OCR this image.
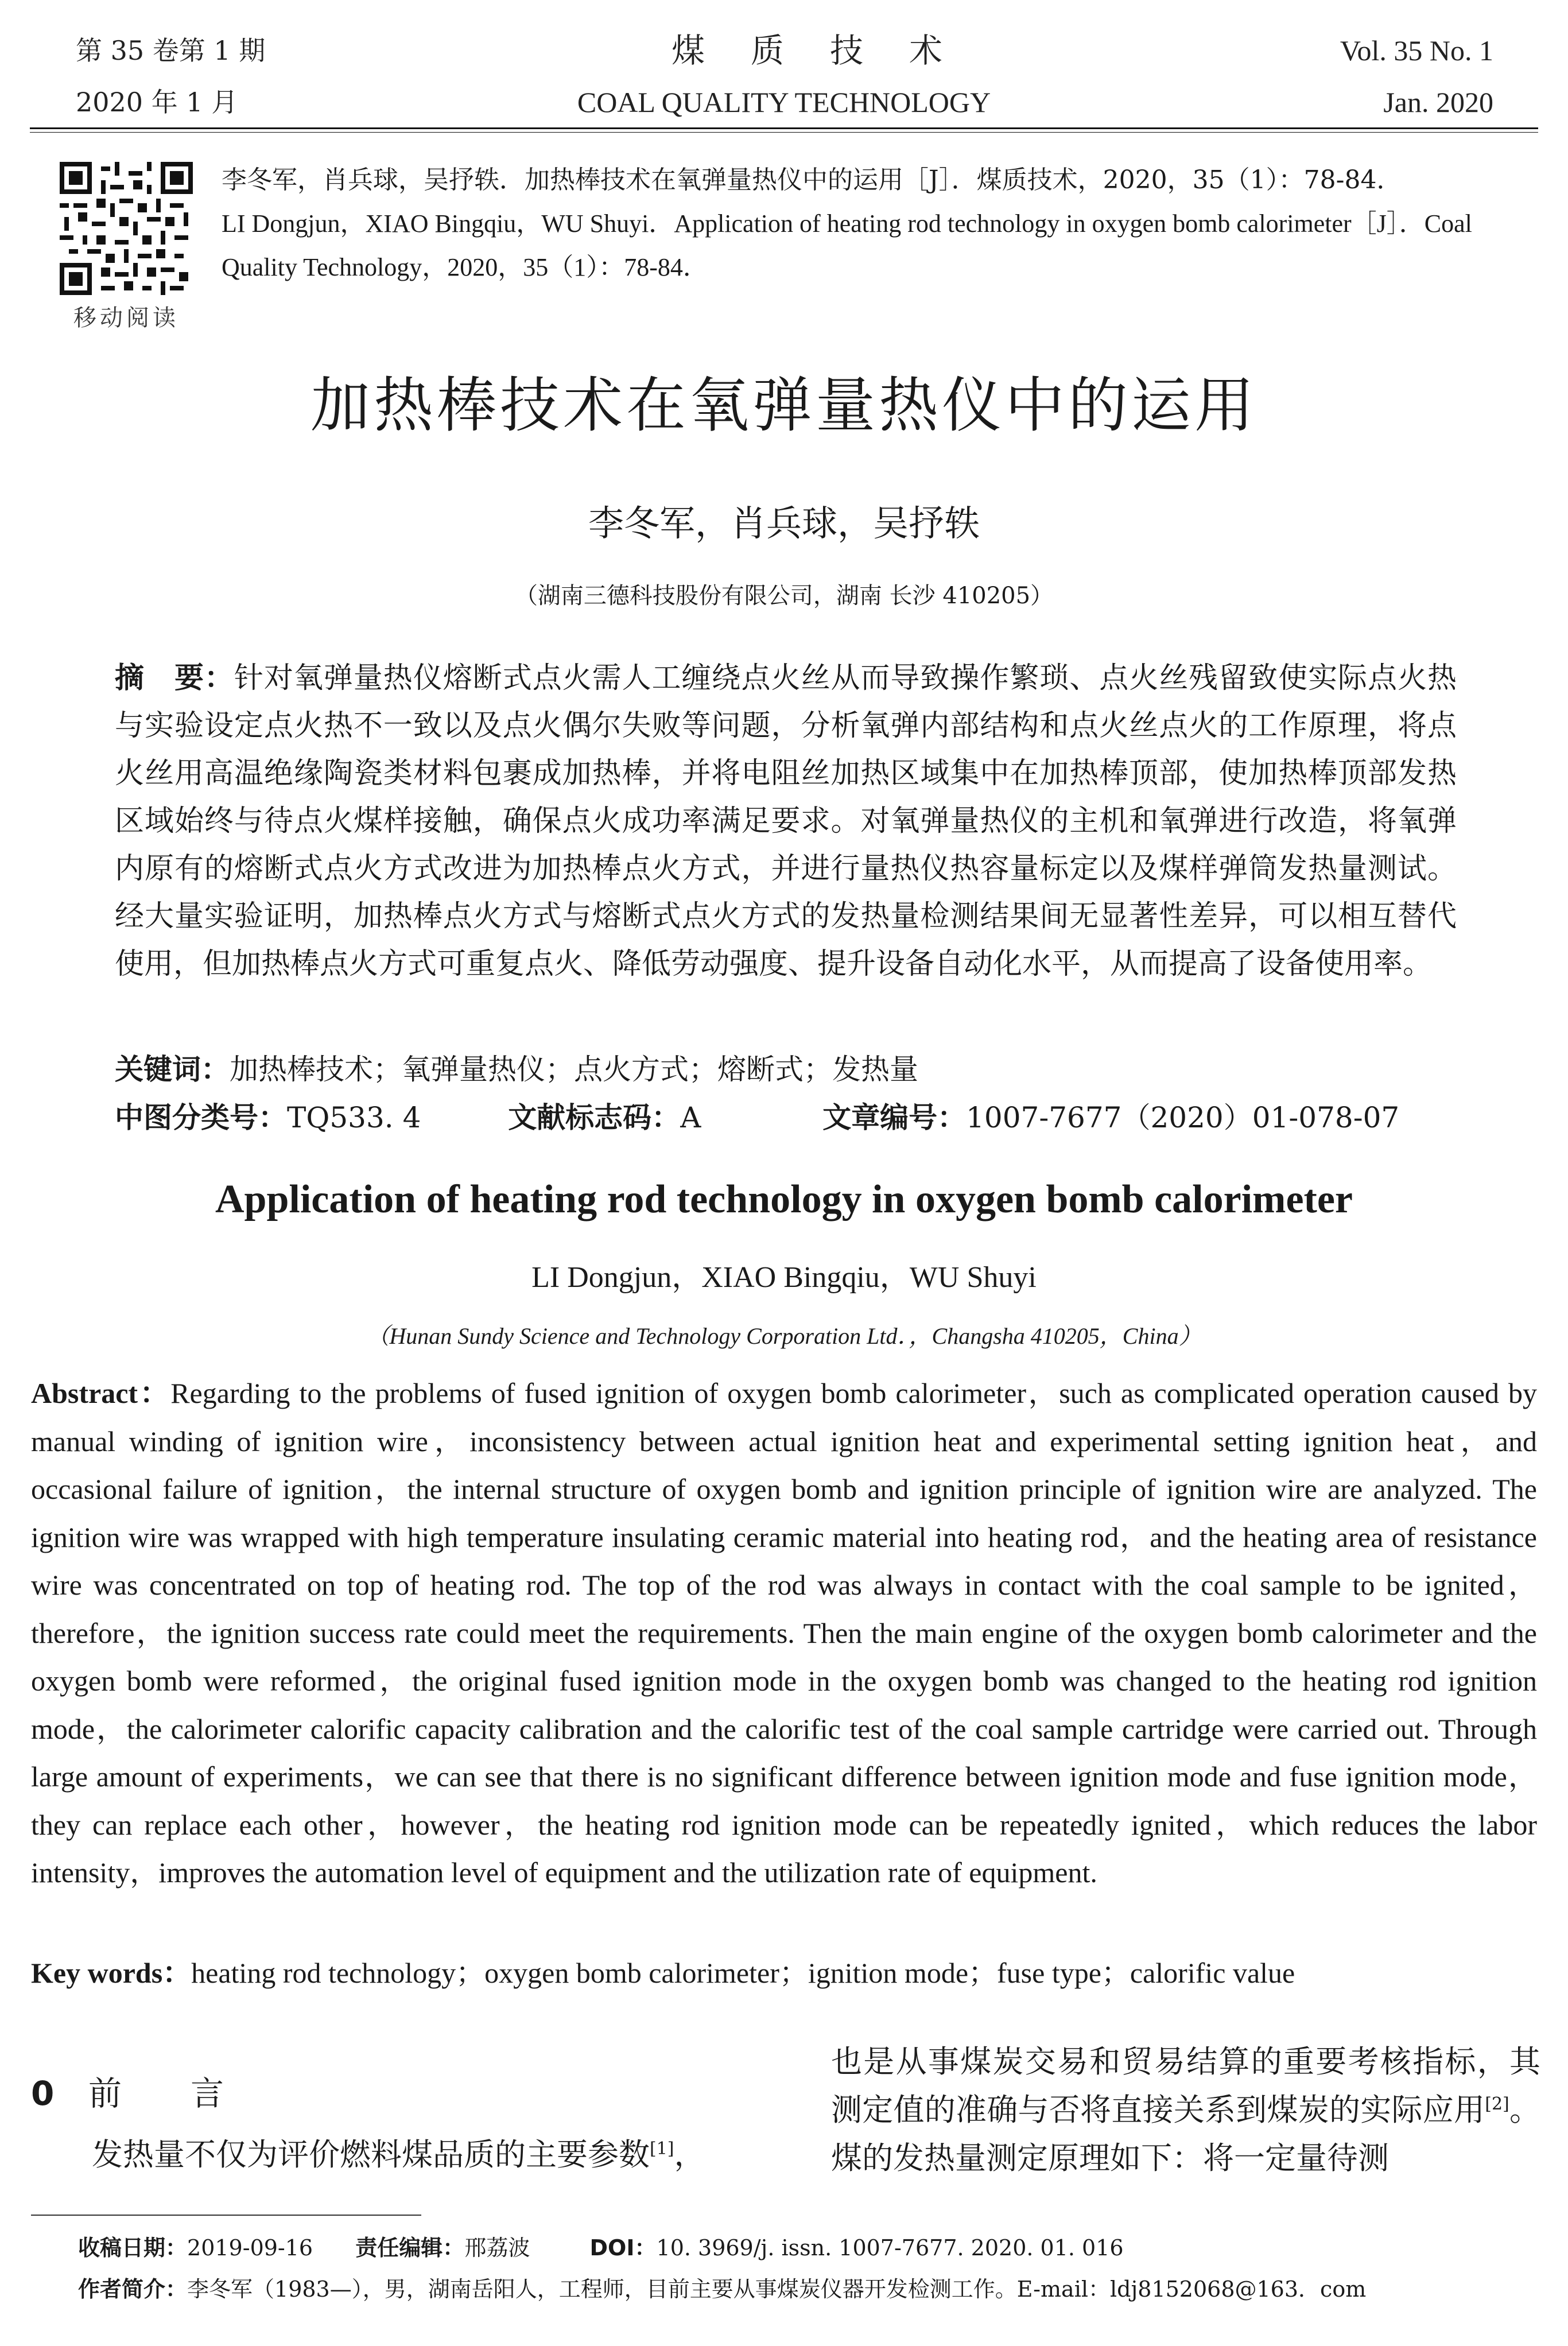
第 35 卷第 1 期
2020 年 1 月
煤质技术
COAL QUALITY TECHNOLOGY
Vol. 35 No. 1
Jan. 2020
移动阅读
李冬军，肖兵球，吴抒轶．加热棒技术在氧弹量热仪中的运用［J］．煤质技术，2020，35（1）：78-84．
LI Dongjun，XIAO Bingqiu，WU Shuyi．Application of heating rod technology in oxygen bomb calorimeter［J］．Coal Quality Technology，2020，35（1）：78-84．
加热棒技术在氧弹量热仪中的运用
李冬军，肖兵球，吴抒轶
（湖南三德科技股份有限公司，湖南 长沙 410205）
摘　要：针对氧弹量热仪熔断式点火需人工缠绕点火丝从而导致操作繁琐、点火丝残留致使实际点火热与实验设定点火热不一致以及点火偶尔失败等问题，分析氧弹内部结构和点火丝点火的工作原理，将点火丝用高温绝缘陶瓷类材料包裹成加热棒，并将电阻丝加热区域集中在加热棒顶部，使加热棒顶部发热区域始终与待点火煤样接触，确保点火成功率满足要求。对氧弹量热仪的主机和氧弹进行改造，将氧弹内原有的熔断式点火方式改进为加热棒点火方式，并进行量热仪热容量标定以及煤样弹筒发热量测试。经大量实验证明，加热棒点火方式与熔断式点火方式的发热量检测结果间无显著性差异，可以相互替代使用，但加热棒点火方式可重复点火、降低劳动强度、提升设备自动化水平，从而提高了设备使用率。
关键词：加热棒技术；氧弹量热仪；点火方式；熔断式；发热量
中图分类号：TQ533. 4	文献标志码：A	文章编号：1007-7677（2020）01-078-07
Application of heating rod technology in oxygen bomb calorimeter
LI Dongjun，XIAO Bingqiu，WU Shuyi
（Hunan Sundy Science and Technology Corporation Ltd．，Changsha 410205，China）
Abstract：Regarding to the problems of fused ignition of oxygen bomb calorimeter，such as complicated operation caused by manual winding of ignition wire，inconsistency between actual ignition heat and experimental setting ignition heat，and occasional failure of ignition，the internal structure of oxygen bomb and ignition principle of ignition wire are analyzed. The ignition wire was wrapped with high temperature insulating ceramic material into heating rod，and the heating area of resistance wire was concentrated on top of heating rod. The top of the rod was always in contact with the coal sample to be ignited，therefore，the ignition success rate could meet the requirements. Then the main engine of the oxygen bomb calorimeter and the oxygen bomb were reformed，the original fused ignition mode in the oxygen bomb was changed to the heating rod ignition mode，the calorimeter calorific capacity calibration and the calorific test of the coal sample cartridge were carried out. Through large amount of experiments，we can see that there is no significant difference between ignition mode and fuse ignition mode，they can replace each other，however，the heating rod ignition mode can be repeatedly ignited，which reduces the labor intensity，improves the automation level of equipment and the utilization rate of equipment.
Key words：heating rod technology；oxygen bomb calorimeter；ignition mode；fuse type；calorific value
0 前言
发热量不仅为评价燃料煤品质的主要参数[1]，
也是从事煤炭交易和贸易结算的重要考核指标，其测定值的准确与否将直接关系到煤炭的实际应用[2]。煤的发热量测定原理如下：将一定量待测
收稿日期：2019-09-16 责任编辑：邢荔波	DOI：10. 3969/j. issn. 1007-7677. 2020. 01. 016
作者简介：李冬军（1983—），男，湖南岳阳人，工程师，目前主要从事煤炭仪器开发检测工作。E-mail：ldj8152068@163．com
